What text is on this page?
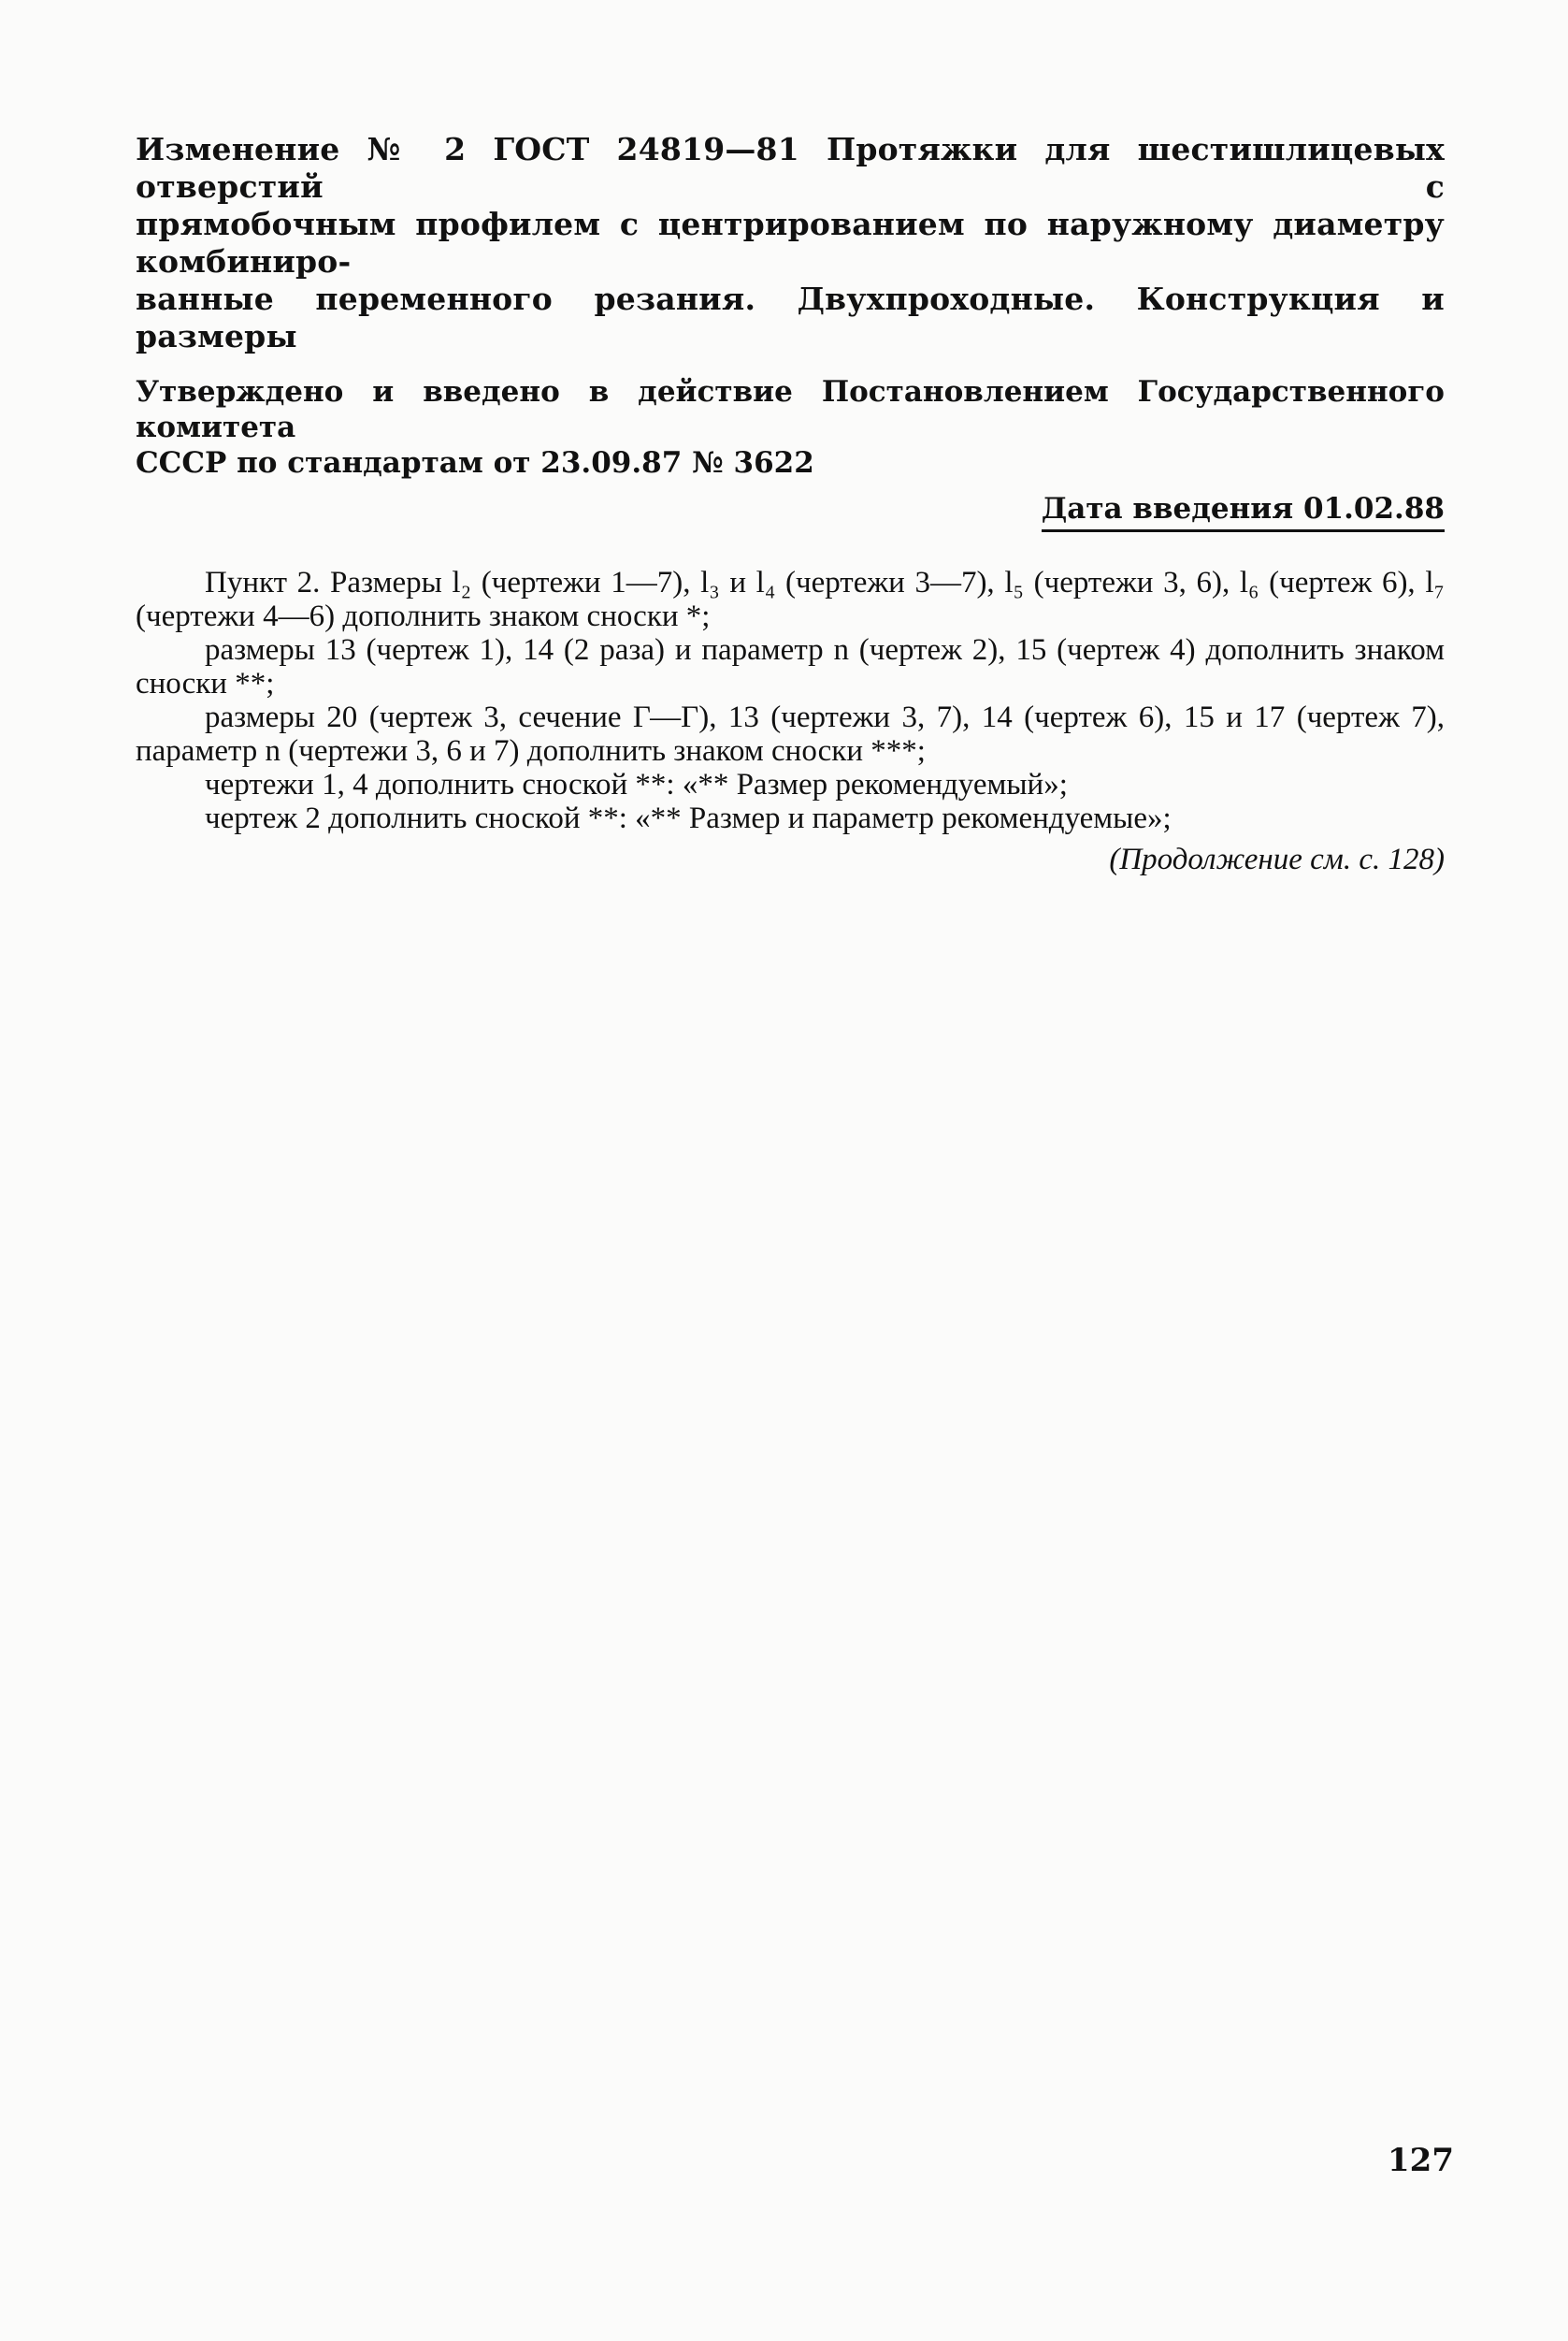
Изменение № 2 ГОСТ 24819—81 Протяжки для шестишлицевых отверстий с
прямобочным профилем с центрированием по наружному диаметру комбиниро-
ванные переменного резания. Двухпроходные. Конструкция и размеры
Утверждено и введено в действие Постановлением Государственного комитета
СССР по стандартам от 23.09.87 № 3622
Дата введения 01.02.88
Пункт 2. Размеры l₂ (чертежи 1—7), l₃ и l₄ (чертежи 3—7), l₅ (чертежи 3, 6), l₆ (чертеж 6), l₇ (чертежи 4—6) дополнить знаком сноски *;
размеры 13 (чертеж 1), 14 (2 раза) и параметр n (чертеж 2), 15 (чертеж 4) дополнить знаком сноски **;
размеры 20 (чертеж 3, сечение Г—Г), 13 (чертежи 3, 7), 14 (чертеж 6), 15 и 17 (чертеж 7), параметр n (чертежи 3, 6 и 7) дополнить знаком сноски ***;
чертежи 1, 4 дополнить сноской **: «** Размер рекомендуемый»;
чертеж 2 дополнить сноской **: «** Размер и параметр рекомендуемые»;
(Продолжение см. с. 128)
127
